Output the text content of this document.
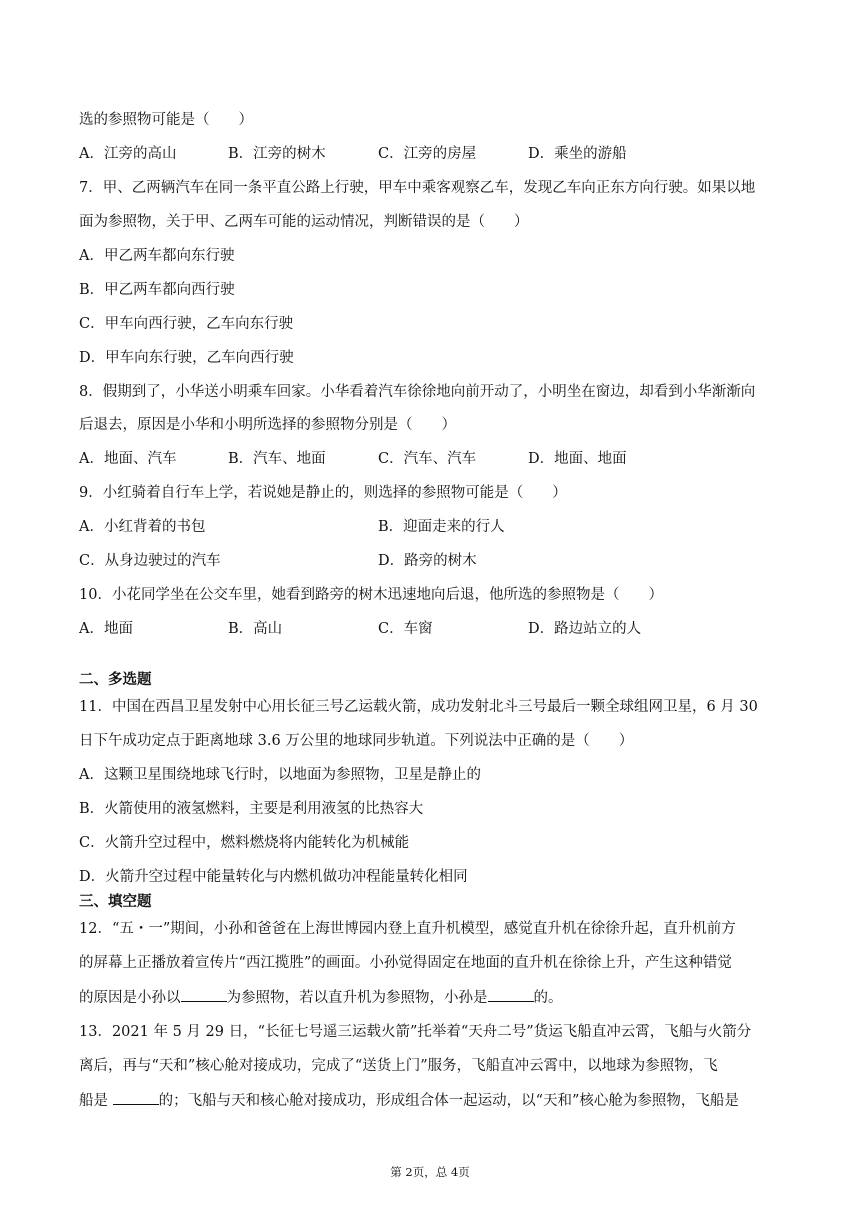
选的参照物可能是（　　）
A．江旁的高山	B．江旁的树木	C．江旁的房屋	D．乘坐的游船
7．甲、乙两辆汽车在同一条平直公路上行驶，甲车中乘客观察乙车，发现乙车向正东方向行驶。如果以地
面为参照物，关于甲、乙两车可能的运动情况，判断错误的是（　　）
A．甲乙两车都向东行驶
B．甲乙两车都向西行驶
C．甲车向西行驶，乙车向东行驶
D．甲车向东行驶，乙车向西行驶
8．假期到了，小华送小明乘车回家。小华看着汽车徐徐地向前开动了，小明坐在窗边，却看到小华渐渐向
后退去，原因是小华和小明所选择的参照物分别是（　　）
A．地面、汽车	B．汽车、地面	C．汽车、汽车	D．地面、地面
9．小红骑着自行车上学，若说她是静止的，则选择的参照物可能是（　　）
A．小红背着的书包	B．迎面走来的行人
C．从身边驶过的汽车	D．路旁的树木
10．小花同学坐在公交车里，她看到路旁的树木迅速地向后退，他所选的参照物是（　　）
A．地面	B．高山	C．车窗	D．路边站立的人
二、多选题
11．中国在西昌卫星发射中心用长征三号乙运载火箭，成功发射北斗三号最后一颗全球组网卫星，6 月 30
日下午成功定点于距离地球 3.6 万公里的地球同步轨道。下列说法中正确的是（　　）
A．这颗卫星围绕地球飞行时，以地面为参照物，卫星是静止的
B．火箭使用的液氢燃料，主要是利用液氢的比热容大
C．火箭升空过程中，燃料燃烧将内能转化为机械能
D．火箭升空过程中能量转化与内燃机做功冲程能量转化相同
三、填空题
12．“五・一”期间，小孙和爸爸在上海世博园内登上直升机模型，感觉直升机在徐徐升起，直升机前方
的屏幕上正播放着宣传片“西江揽胜”的画面。小孙觉得固定在地面的直升机在徐徐上升，产生这种错觉
的原因是小孙以	为参照物，若以直升机为参照物，小孙是	的。
13．2021 年 5 月 29 日，“长征七号遥三运载火箭”托举着“天舟二号”货运飞船直冲云霄，飞船与火箭分
离后，再与“天和”核心舱对接成功，完成了“送货上门”服务，飞船直冲云霄中，以地球为参照物，飞
船是	的；飞船与天和核心舱对接成功，形成组合体一起运动，以“天和”核心舱为参照物，飞船是
第 2页，总 4页
